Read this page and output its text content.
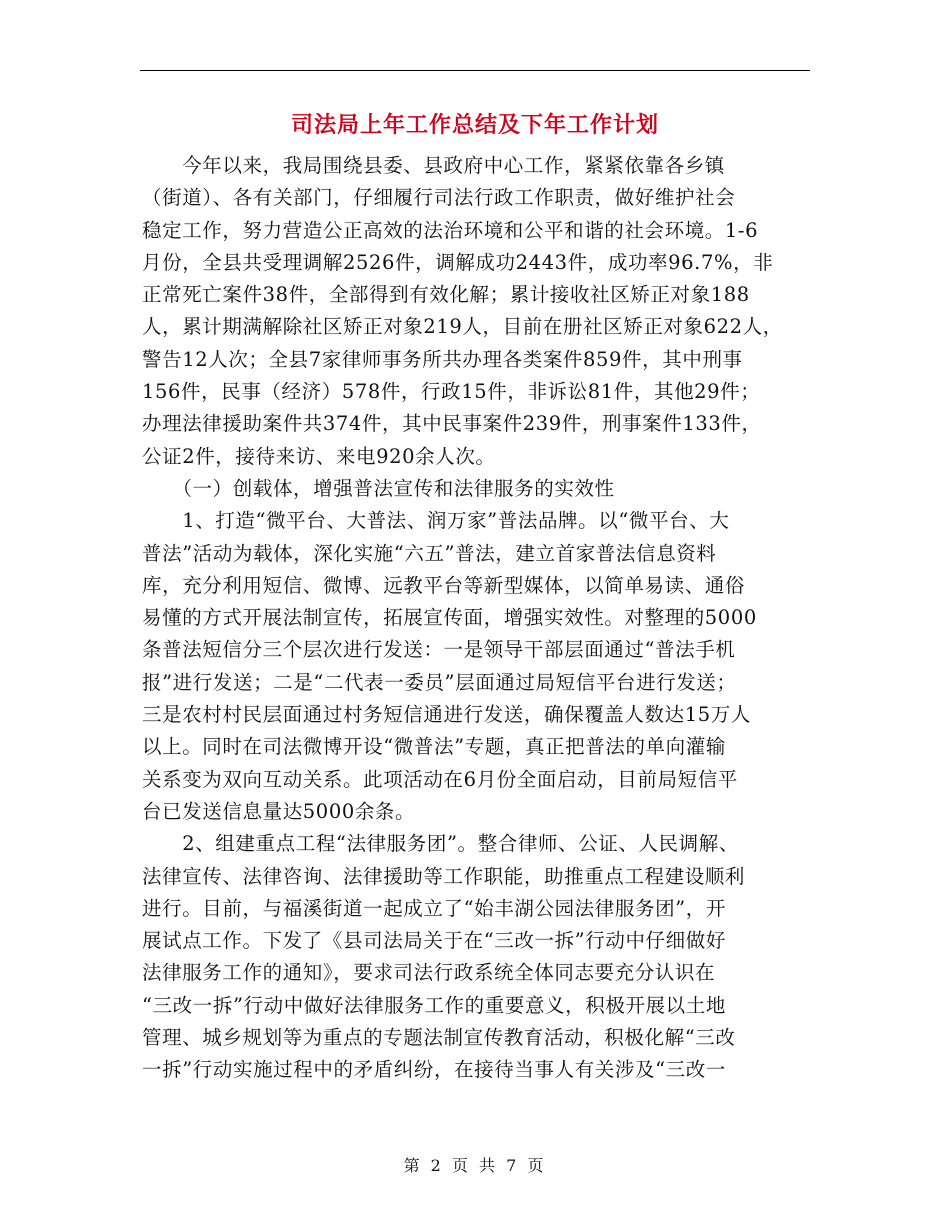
司法局上年工作总结及下年工作计划
　　今年以来，我局围绕县委、县政府中心工作，紧紧依靠各乡镇
（街道）、各有关部门，仔细履行司法行政工作职责，做好维护社会
稳定工作，努力营造公正高效的法治环境和公平和谐的社会环境。1-6
月份，全县共受理调解2526件，调解成功2443件，成功率96.7%，非
正常死亡案件38件，全部得到有效化解；累计接收社区矫正对象188
人，累计期满解除社区矫正对象219人，目前在册社区矫正对象622人，
警告12人次；全县7家律师事务所共办理各类案件859件，其中刑事
156件，民事（经济）578件，行政15件，非诉讼81件，其他29件；
办理法律援助案件共374件，其中民事案件239件，刑事案件133件，
公证2件，接待来访、来电920余人次。
　　（一）创载体，增强普法宣传和法律服务的实效性
　　1、打造“微平台、大普法、润万家”普法品牌。以“微平台、大
普法”活动为载体，深化实施“六五”普法，建立首家普法信息资料
库，充分利用短信、微博、远教平台等新型媒体，以简单易读、通俗
易懂的方式开展法制宣传，拓展宣传面，增强实效性。对整理的5000
条普法短信分三个层次进行发送：一是领导干部层面通过“普法手机
报”进行发送；二是“二代表一委员”层面通过局短信平台进行发送；
三是农村村民层面通过村务短信通进行发送，确保覆盖人数达15万人
以上。同时在司法微博开设“微普法”专题，真正把普法的单向灌输
关系变为双向互动关系。此项活动在6月份全面启动，目前局短信平
台已发送信息量达5000余条。
　　2、组建重点工程“法律服务团”。整合律师、公证、人民调解、
法律宣传、法律咨询、法律援助等工作职能，助推重点工程建设顺利
进行。目前，与福溪街道一起成立了“始丰湖公园法律服务团”，开
展试点工作。下发了《县司法局关于在“三改一拆”行动中仔细做好
法律服务工作的通知》，要求司法行政系统全体同志要充分认识在
“三改一拆”行动中做好法律服务工作的重要意义，积极开展以土地
管理、城乡规划等为重点的专题法制宣传教育活动，积极化解“三改
一拆”行动实施过程中的矛盾纠纷，在接待当事人有关涉及“三改一
第 2 页 共 7 页
